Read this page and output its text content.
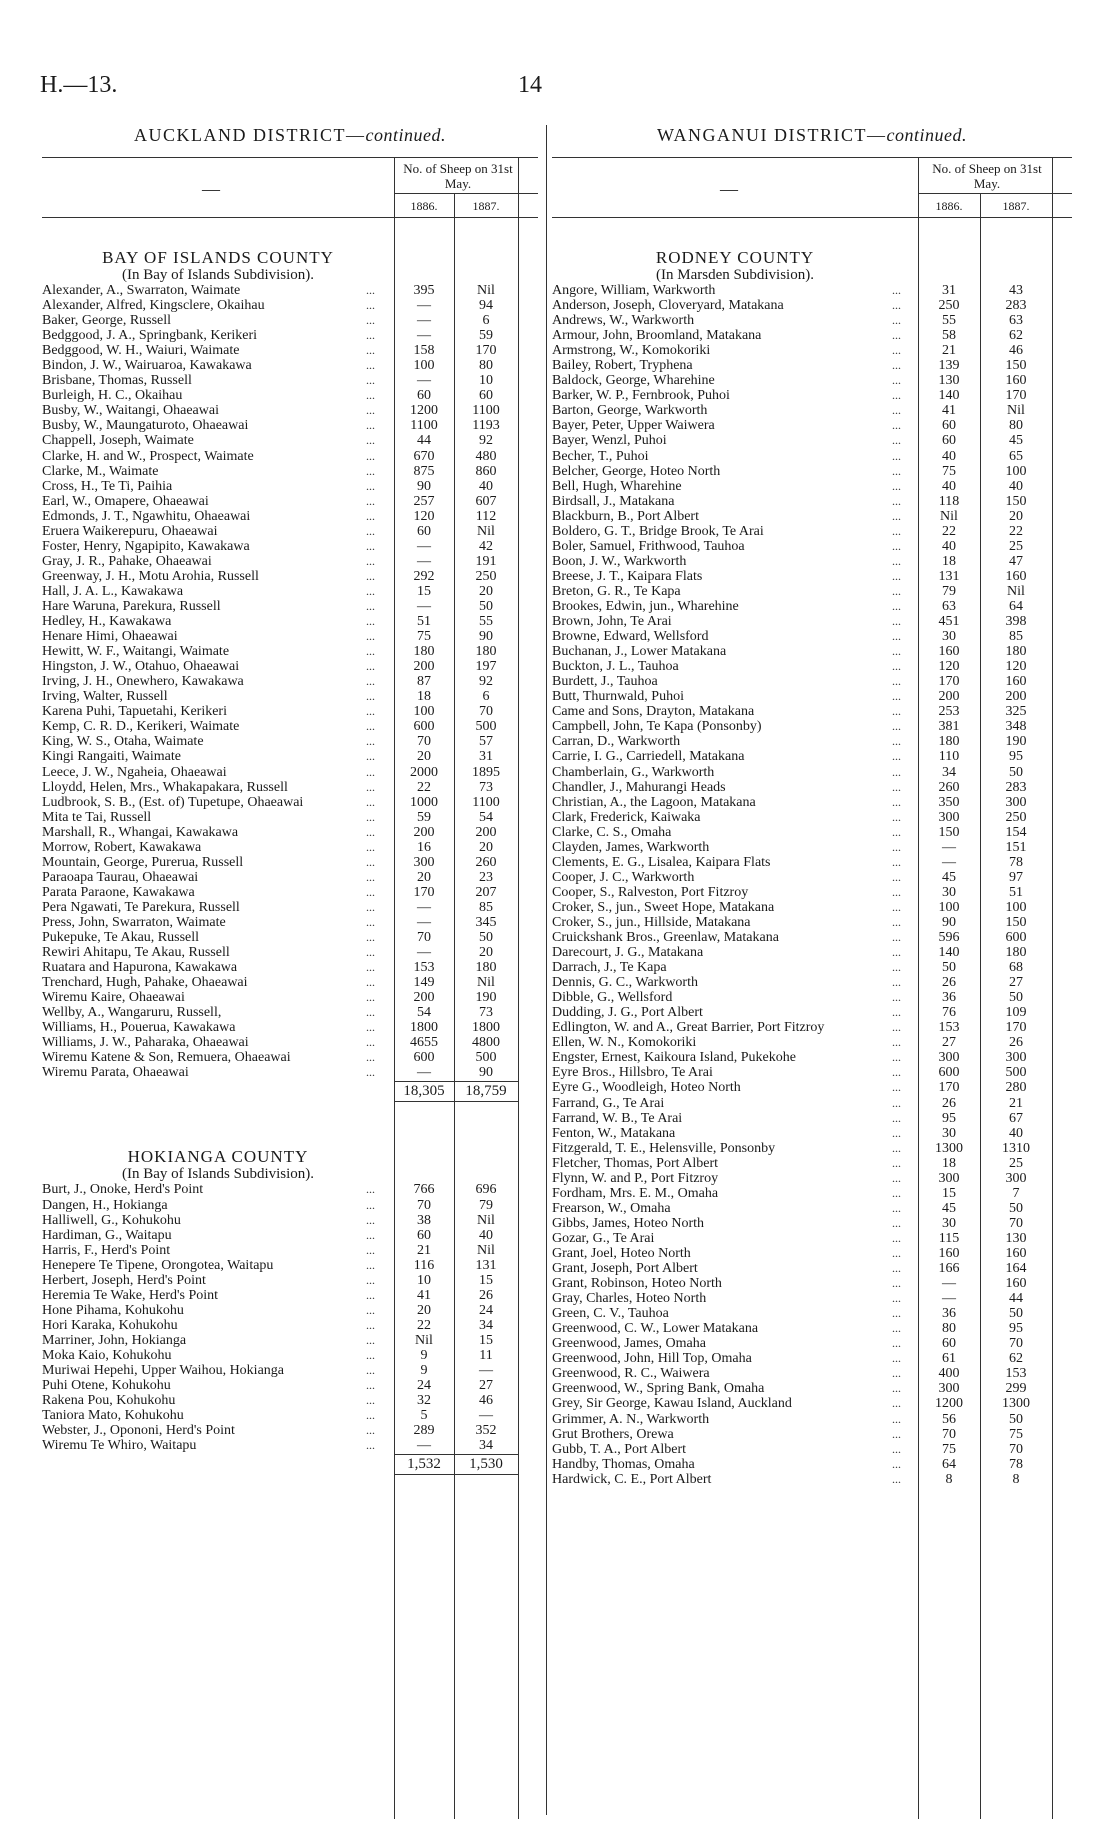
H.—13.	14
AUCKLAND DISTRICT—continued.
No. of Sheep on 31st May.
—
1886.	1887.
BAY OF ISLANDS COUNTY
(In Bay of Islands Subdivision).
Alexander, A., Swarraton, Waimate	...	395	Nil
Alexander, Alfred, Kingsclere, Okaihau	...	—	94
Baker, George, Russell	...	—	6
Bedggood, J. A., Springbank, Kerikeri	...	—	59
Bedggood, W. H., Waiuri, Waimate	...	158	170
Bindon, J. W., Wairuaroa, Kawakawa	...	100	80
Brisbane, Thomas, Russell	...	—	10
Burleigh, H. C., Okaihau	...	60	60
Busby, W., Waitangi, Ohaeawai	...	1200	1100
Busby, W., Maungaturoto, Ohaeawai	...	1100	1193
Chappell, Joseph, Waimate	...	44	92
Clarke, H. and W., Prospect, Waimate	...	670	480
Clarke, M., Waimate	...	875	860
Cross, H., Te Ti, Paihia	...	90	40
Earl, W., Omapere, Ohaeawai	...	257	607
Edmonds, J. T., Ngawhitu, Ohaeawai	...	120	112
Eruera Waikerepuru, Ohaeawai	...	60	Nil
Foster, Henry, Ngapipito, Kawakawa	...	—	42
Gray, J. R., Pahake, Ohaeawai	...	—	191
Greenway, J. H., Motu Arohia, Russell	...	292	250
Hall, J. A. L., Kawakawa	...	15	20
Hare Waruna, Parekura, Russell	...	—	50
Hedley, H., Kawakawa	...	51	55
Henare Himi, Ohaeawai	...	75	90
Hewitt, W. F., Waitangi, Waimate	...	180	180
Hingston, J. W., Otahuo, Ohaeawai	...	200	197
Irving, J. H., Onewhero, Kawakawa	...	87	92
Irving, Walter, Russell	...	18	6
Karena Puhi, Tapuetahi, Kerikeri	...	100	70
Kemp, C. R. D., Kerikeri, Waimate	...	600	500
King, W. S., Otaha, Waimate	...	70	57
Kingi Rangaiti, Waimate	...	20	31
Leece, J. W., Ngaheia, Ohaeawai	...	2000	1895
Lloydd, Helen, Mrs., Whakapakara, Russell	...	22	73
Ludbrook, S. B., (Est. of) Tupetupe, Ohaeawai	...	1000	1100
Mita te Tai, Russell	...	59	54
Marshall, R., Whangai, Kawakawa	...	200	200
Morrow, Robert, Kawakawa	...	16	20
Mountain, George, Purerua, Russell	...	300	260
Paraoapa Taurau, Ohaeawai	...	20	23
Parata Paraone, Kawakawa	...	170	207
Pera Ngawati, Te Parekura, Russell	...	—	85
Press, John, Swarraton, Waimate	...	—	345
Pukepuke, Te Akau, Russell	...	70	50
Rewiri Ahitapu, Te Akau, Russell	...	—	20
Ruatara and Hapurona, Kawakawa	...	153	180
Trenchard, Hugh, Pahake, Ohaeawai	...	149	Nil
Wiremu Kaire, Ohaeawai	...	200	190
Wellby, A., Wangaruru, Russell,	...	54	73
Williams, H., Pouerua, Kawakawa	...	1800	1800
Williams, J. W., Paharaka, Ohaeawai	...	4655	4800
Wiremu Katene & Son, Remuera, Ohaeawai	...	600	500
Wiremu Parata, Ohaeawai	...	—	90
18,305	18,759
HOKIANGA COUNTY
(In Bay of Islands Subdivision).
Burt, J., Onoke, Herd's Point	...	766	696
Dangen, H., Hokianga	...	70	79
Halliwell, G., Kohukohu	...	38	Nil
Hardiman, G., Waitapu	...	60	40
Harris, F., Herd's Point	...	21	Nil
Henepere Te Tipene, Orongotea, Waitapu	...	116	131
Herbert, Joseph, Herd's Point	...	10	15
Heremia Te Wake, Herd's Point	...	41	26
Hone Pihama, Kohukohu	...	20	24
Hori Karaka, Kohukohu	...	22	34
Marriner, John, Hokianga	...	Nil	15
Moka Kaio, Kohukohu	...	9	11
Muriwai Hepehi, Upper Waihou, Hokianga	...	9	—
Puhi Otene, Kohukohu	...	24	27
Rakena Pou, Kohukohu	...	32	46
Taniora Mato, Kohukohu	...	5	—
Webster, J., Opononi, Herd's Point	...	289	352
Wiremu Te Whiro, Waitapu	...	—	34
1,532	1,530
WANGANUI DISTRICT—continued.
No. of Sheep on 31st May.
—
1886.	1887.
RODNEY COUNTY
(In Marsden Subdivision).
Angore, William, Warkworth	...	31	43
Anderson, Joseph, Cloveryard, Matakana	...	250	283
Andrews, W., Warkworth	...	55	63
Armour, John, Broomland, Matakana	...	58	62
Armstrong, W., Komokoriki	...	21	46
Bailey, Robert, Tryphena	...	139	150
Baldock, George, Wharehine	...	130	160
Barker, W. P., Fernbrook, Puhoi	...	140	170
Barton, George, Warkworth	...	41	Nil
Bayer, Peter, Upper Waiwera	...	60	80
Bayer, Wenzl, Puhoi	...	60	45
Becher, T., Puhoi	...	40	65
Belcher, George, Hoteo North	...	75	100
Bell, Hugh, Wharehine	...	40	40
Birdsall, J., Matakana	...	118	150
Blackburn, B., Port Albert	...	Nil	20
Boldero, G. T., Bridge Brook, Te Arai	...	22	22
Boler, Samuel, Frithwood, Tauhoa	...	40	25
Boon, J. W., Warkworth	...	18	47
Breese, J. T., Kaipara Flats	...	131	160
Breton, G. R., Te Kapa	...	79	Nil
Brookes, Edwin, jun., Wharehine	...	63	64
Brown, John, Te Arai	...	451	398
Browne, Edward, Wellsford	...	30	85
Buchanan, J., Lower Matakana	...	160	180
Buckton, J. L., Tauhoa	...	120	120
Burdett, J., Tauhoa	...	170	160
Butt, Thurnwald, Puhoi	...	200	200
Came and Sons, Drayton, Matakana	...	253	325
Campbell, John, Te Kapa (Ponsonby)	...	381	348
Carran, D., Warkworth	...	180	190
Carrie, I. G., Carriedell, Matakana	...	110	95
Chamberlain, G., Warkworth	...	34	50
Chandler, J., Mahurangi Heads	...	260	283
Christian, A., the Lagoon, Matakana	...	350	300
Clark, Frederick, Kaiwaka	...	300	250
Clarke, C. S., Omaha	...	150	154
Clayden, James, Warkworth	...	—	151
Clements, E. G., Lisalea, Kaipara Flats	...	—	78
Cooper, J. C., Warkworth	...	45	97
Cooper, S., Ralveston, Port Fitzroy	...	30	51
Croker, S., jun., Sweet Hope, Matakana	...	100	100
Croker, S., jun., Hillside, Matakana	...	90	150
Cruickshank Bros., Greenlaw, Matakana	...	596	600
Darecourt, J. G., Matakana	...	140	180
Darrach, J., Te Kapa	...	50	68
Dennis, G. C., Warkworth	...	26	27
Dibble, G., Wellsford	...	36	50
Dudding, J. G., Port Albert	...	76	109
Edlington, W. and A., Great Barrier, Port Fitzroy	...	153	170
Ellen, W. N., Komokoriki	...	27	26
Engster, Ernest, Kaikoura Island, Pukekohe	...	300	300
Eyre Bros., Hillsbro, Te Arai	...	600	500
Eyre G., Woodleigh, Hoteo North	...	170	280
Farrand, G., Te Arai	...	26	21
Farrand, W. B., Te Arai	...	95	67
Fenton, W., Matakana	...	30	40
Fitzgerald, T. E., Helensville, Ponsonby	...	1300	1310
Fletcher, Thomas, Port Albert	...	18	25
Flynn, W. and P., Port Fitzroy	...	300	300
Fordham, Mrs. E. M., Omaha	...	15	7
Frearson, W., Omaha	...	45	50
Gibbs, James, Hoteo North	...	30	70
Gozar, G., Te Arai	...	115	130
Grant, Joel, Hoteo North	...	160	160
Grant, Joseph, Port Albert	...	166	164
Grant, Robinson, Hoteo North	...	—	160
Gray, Charles, Hoteo North	...	—	44
Green, C. V., Tauhoa	...	36	50
Greenwood, C. W., Lower Matakana	...	80	95
Greenwood, James, Omaha	...	60	70
Greenwood, John, Hill Top, Omaha	...	61	62
Greenwood, R. C., Waiwera	...	400	153
Greenwood, W., Spring Bank, Omaha	...	300	299
Grey, Sir George, Kawau Island, Auckland	...	1200	1300
Grimmer, A. N., Warkworth	...	56	50
Grut Brothers, Orewa	...	70	75
Gubb, T. A., Port Albert	...	75	70
Handby, Thomas, Omaha	...	64	78
Hardwick, C. E., Port Albert	...	8	8
